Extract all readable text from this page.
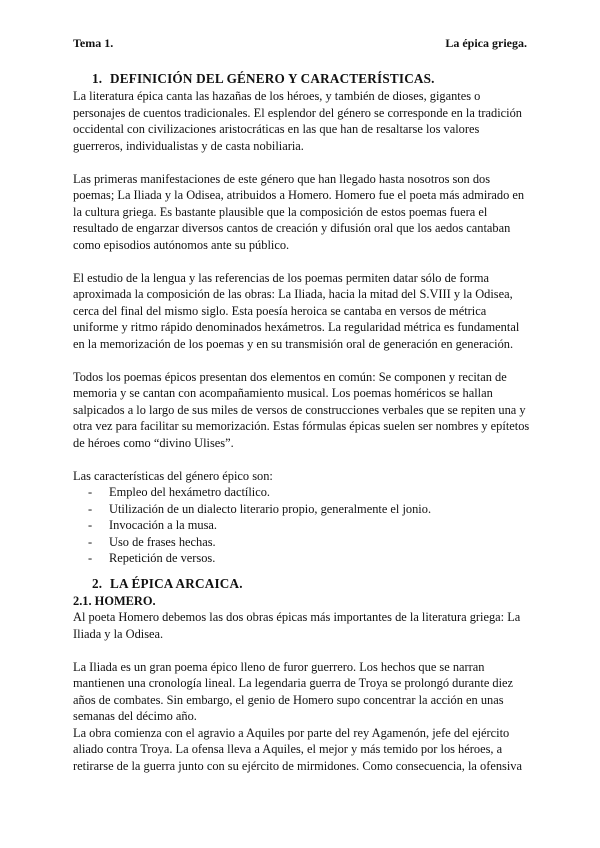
Tema 1.	La épica griega.
1. DEFINICIÓN DEL GÉNERO Y CARACTERÍSTICAS.

La literatura épica canta las hazañas de los héroes, y también de dioses, gigantes o personajes de cuentos tradicionales. El esplendor del género se corresponde en la tradición occidental con civilizaciones aristocráticas en las que han de resaltarse los valores guerreros, individualistas y de casta nobiliaria.

Las primeras manifestaciones de este género que han llegado hasta nosotros son dos poemas; La Iliada y la Odisea, atribuidos a Homero. Homero fue el poeta más admirado en la cultura griega. Es bastante plausible que la composición de estos poemas fuera el resultado de engarzar diversos cantos de creación y difusión oral que los aedos cantaban como episodios autónomos ante su público.

El estudio de la lengua y las referencias de los poemas permiten datar sólo de forma aproximada la composición de las obras: La Iliada, hacia la mitad del S.VIII y la Odisea, cerca del final del mismo siglo. Esta poesía heroica se cantaba en versos de métrica uniforme y ritmo rápido denominados hexámetros. La regularidad métrica es fundamental en la memorización de los poemas y en su transmisión oral de generación en generación.

Todos los poemas épicos presentan dos elementos en común: Se componen y recitan de memoria y se cantan con acompañamiento musical. Los poemas homéricos se hallan salpicados a lo largo de sus miles de versos de construcciones verbales que se repiten una y otra vez para facilitar su memorización. Estas fórmulas épicas suelen ser nombres y epítetos de héroes como “divino Ulises”.

Las características del género épico son:

-	Empleo del hexámetro dactílico.
-	Utilización de un dialecto literario propio, generalmente el jonio.
-	Invocación a la musa.
-	Uso de frases hechas.
-	Repetición de versos.
2. LA ÉPICA ARCAICA.
2.1. HOMERO.

Al poeta Homero debemos las dos obras épicas más importantes de la literatura griega: La Iliada y la Odisea.

La Iliada es un gran poema épico lleno de furor guerrero. Los hechos que se narran mantienen una cronología lineal. La legendaria guerra de Troya se prolongó durante diez años de combates. Sin embargo, el genio de Homero supo concentrar la acción en unas semanas del décimo año.

La obra comienza con el agravio a Aquiles por parte del rey Agamenón, jefe del ejército aliado contra Troya. La ofensa lleva a Aquiles, el mejor y más temido por los héroes, a retirarse de la guerra junto con su ejército de mirmidones. Como consecuencia, la ofensiva
